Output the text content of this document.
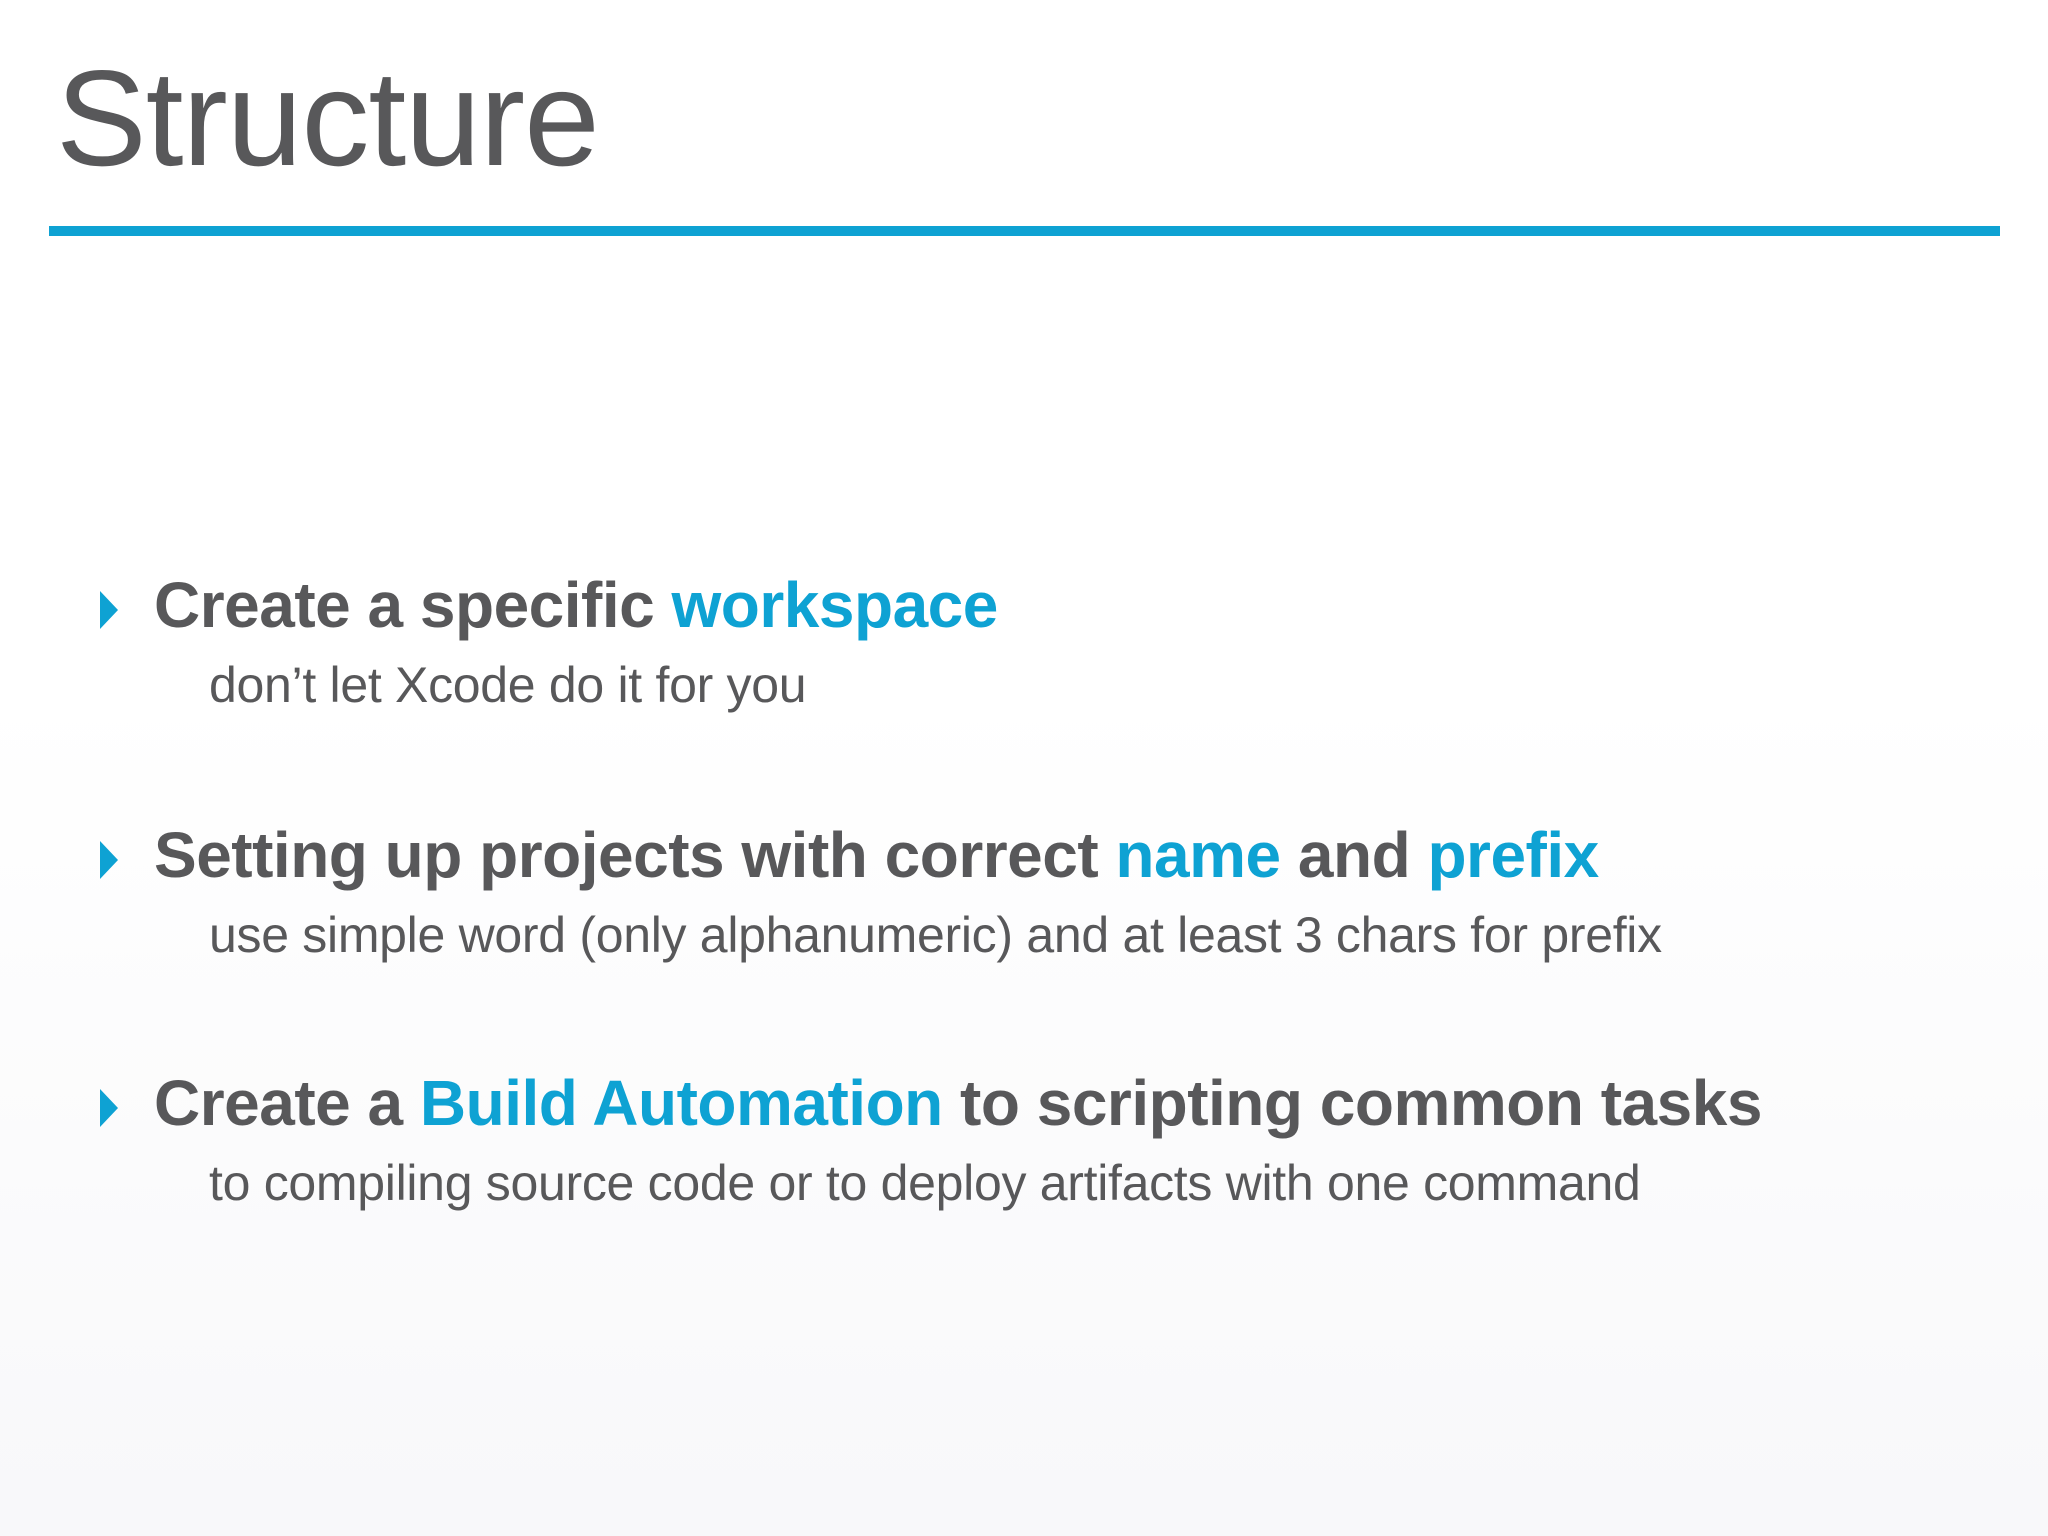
Structure
Create a specific workspace
don’t let Xcode do it for you
Setting up projects with correct name and prefix
use simple word (only alphanumeric) and at least 3 chars for prefix
Create a Build Automation to scripting common tasks
to compiling source code or to deploy artifacts with one command
